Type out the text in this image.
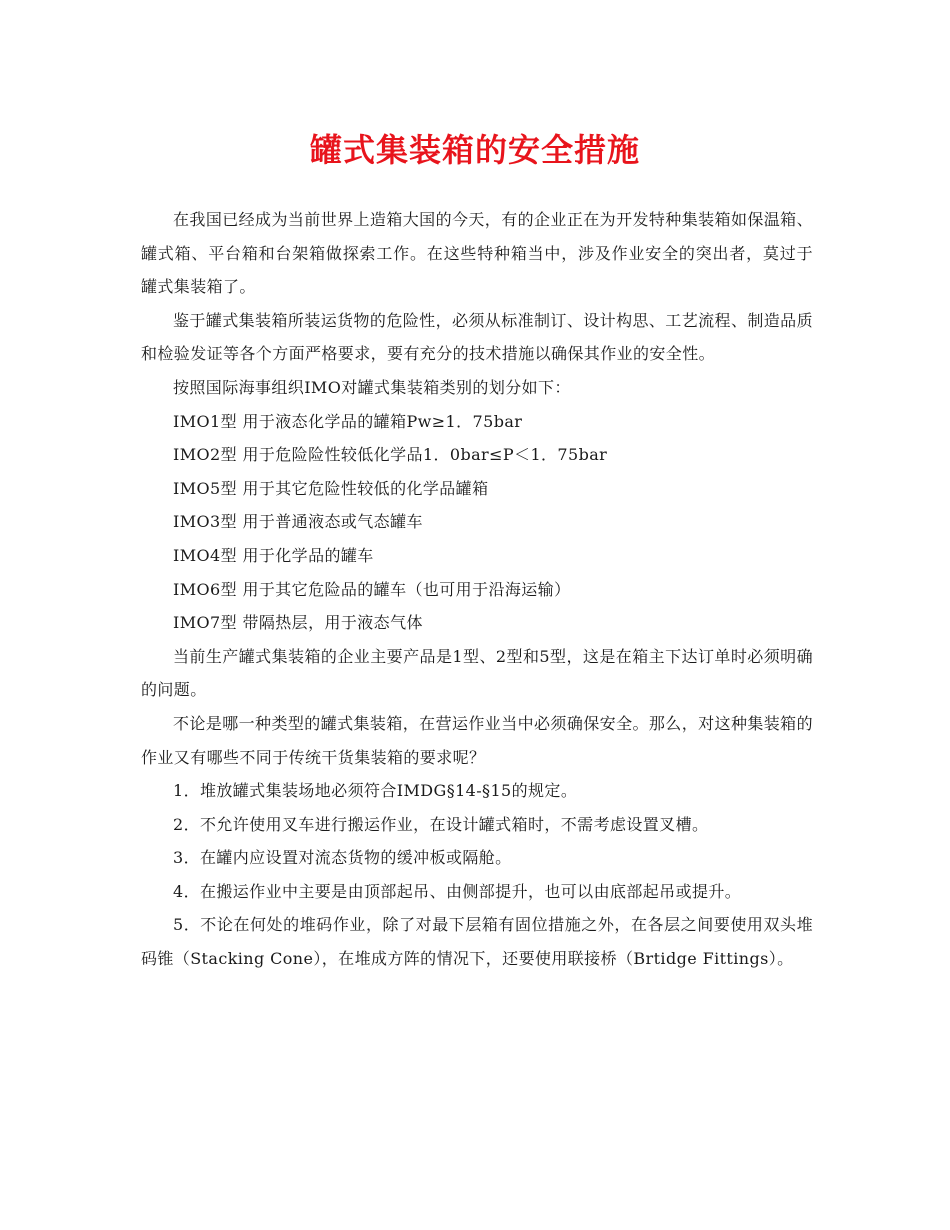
罐式集装箱的安全措施

在我国已经成为当前世界上造箱大国的今天，有的企业正在为开发特种集装箱如保温箱、罐式箱、平台箱和台架箱做探索工作。在这些特种箱当中，涉及作业安全的突出者，莫过于罐式集装箱了。

鉴于罐式集装箱所装运货物的危险性，必须从标准制订、设计构思、工艺流程、制造品质和检验发证等各个方面严格要求，要有充分的技术措施以确保其作业的安全性。

按照国际海事组织IMO对罐式集装箱类别的划分如下：

IMO1型 用于液态化学品的罐箱Pw≥1．75bar

IMO2型 用于危险险性较低化学品1．0bar≤P＜1．75bar

IMO5型 用于其它危险性较低的化学品罐箱

IMO3型 用于普通液态或气态罐车

IMO4型 用于化学品的罐车

IMO6型 用于其它危险品的罐车（也可用于沿海运输）

IMO7型 带隔热层，用于液态气体

当前生产罐式集装箱的企业主要产品是1型、2型和5型，这是在箱主下达订单时必须明确的问题。

不论是哪一种类型的罐式集装箱，在营运作业当中必须确保安全。那么，对这种集装箱的作业又有哪些不同于传统干货集装箱的要求呢？

1．堆放罐式集装场地必须符合IMDG§14-§15的规定。

2．不允许使用叉车进行搬运作业，在设计罐式箱时，不需考虑设置叉槽。

3．在罐内应设置对流态货物的缓冲板或隔舱。

4．在搬运作业中主要是由顶部起吊、由侧部提升，也可以由底部起吊或提升。

5．不论在何处的堆码作业，除了对最下层箱有固位措施之外，在各层之间要使用双头堆码锥（Stacking Cone），在堆成方阵的情况下，还要使用联接桥（Brtidge Fittings）。
